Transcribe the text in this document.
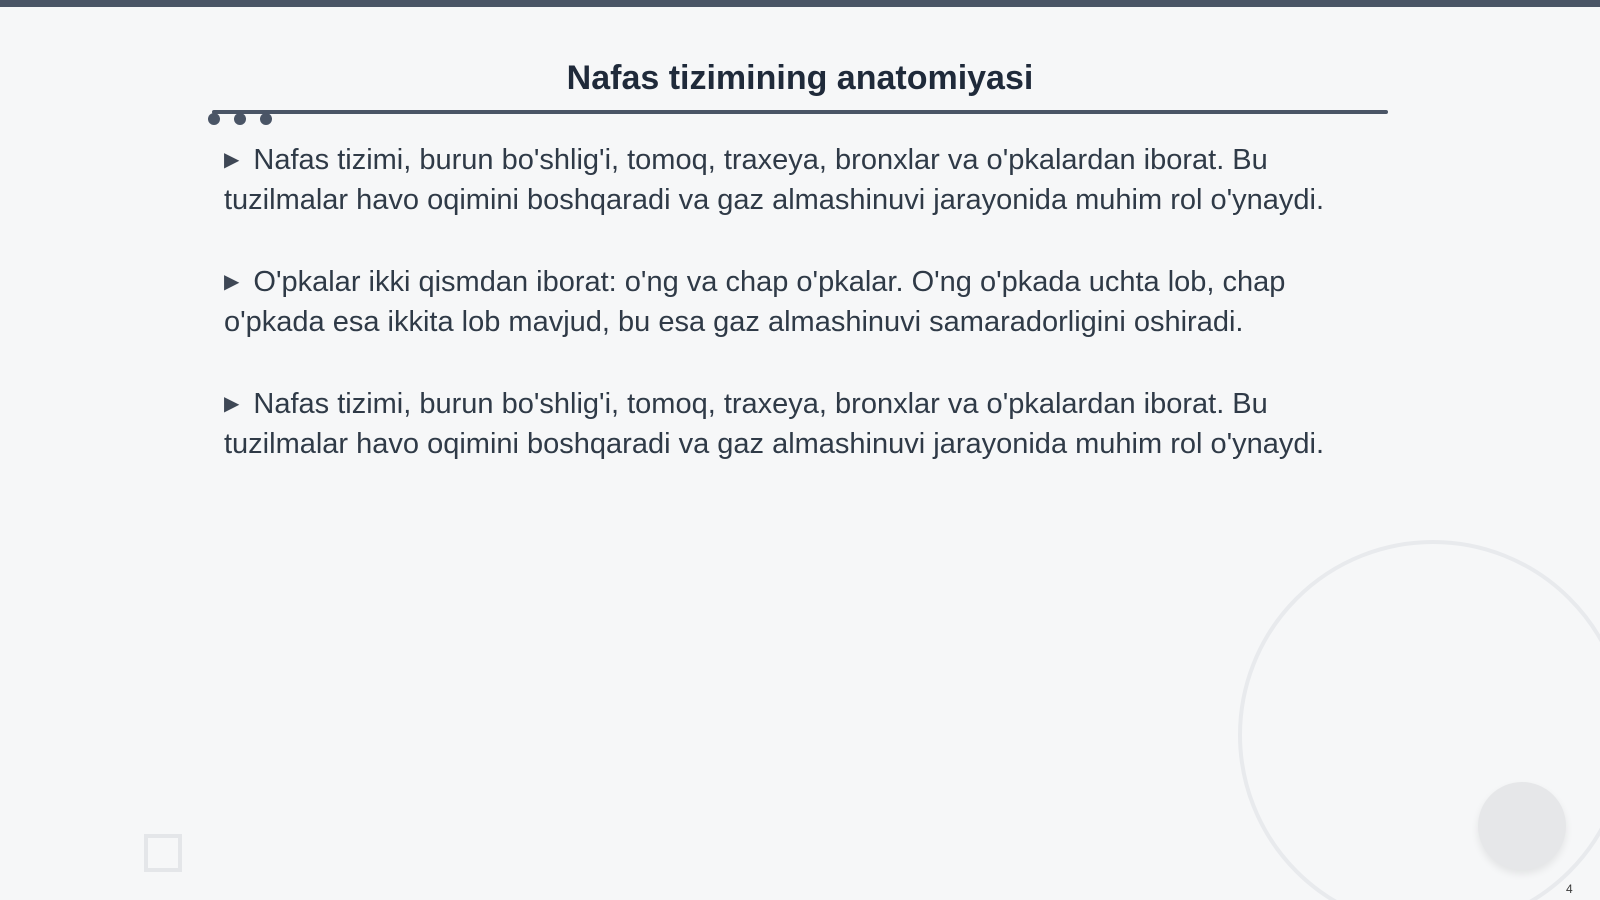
Nafas tizimining anatomiyasi
▶ Nafas tizimi, burun bo'shlig'i, tomoq, traxeya, bronxlar va o'pkalardan iborat. Bu tuzilmalar havo oqimini boshqaradi va gaz almashinuvi jarayonida muhim rol o'ynaydi.
▶ O'pkalar ikki qismdan iborat: o'ng va chap o'pkalar. O'ng o'pkada uchta lob, chap o'pkada esa ikkita lob mavjud, bu esa gaz almashinuvi samaradorligini oshiradi.
▶ Nafas tizimi, burun bo'shlig'i, tomoq, traxeya, bronxlar va o'pkalardan iborat. Bu tuzilmalar havo oqimini boshqaradi va gaz almashinuvi jarayonida muhim rol o'ynaydi.
4
